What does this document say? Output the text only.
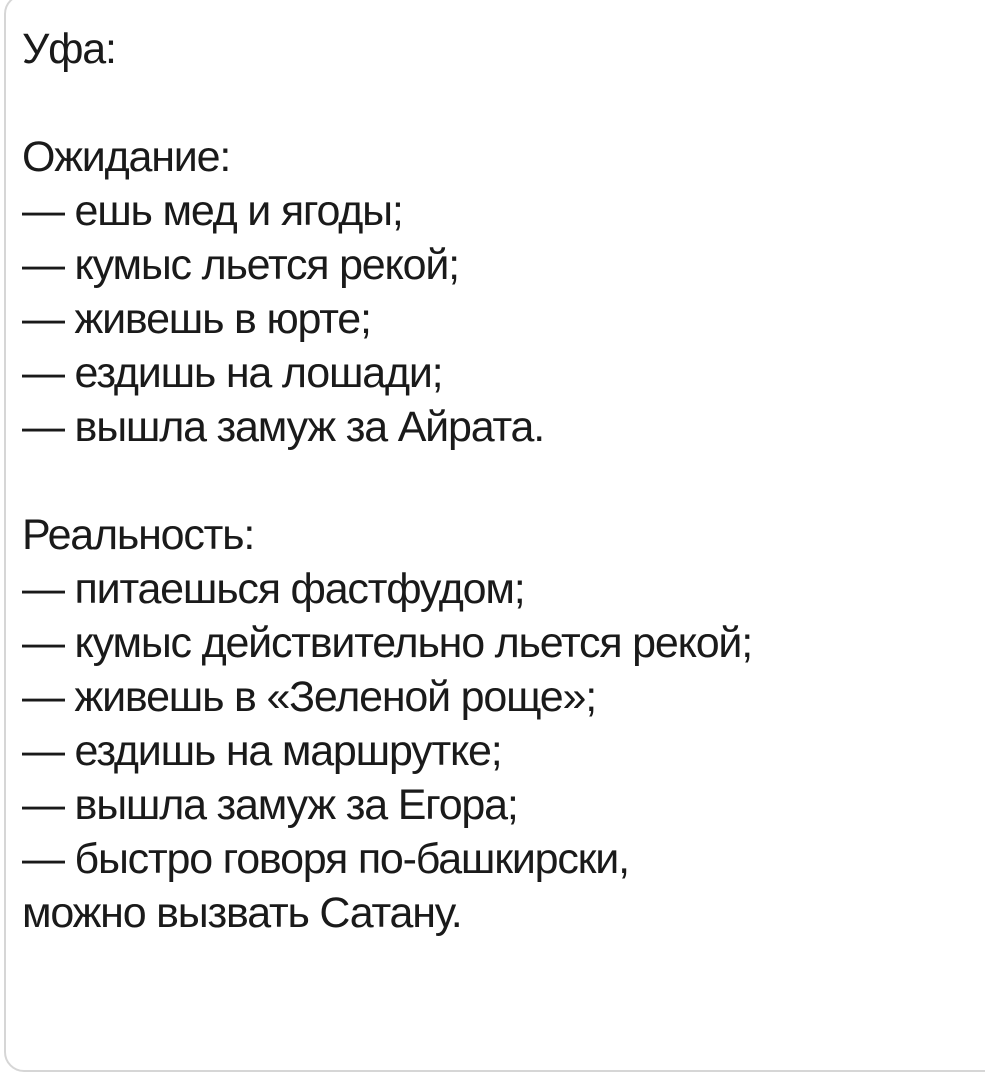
Уфа:
Ожидание:
— ешь мед и ягоды;
— кумыс льется рекой;
— живешь в юрте;
— ездишь на лошади;
— вышла замуж за Айрата.
Реальность:
— питаешься фастфудом;
— кумыс действительно льется рекой;
— живешь в «Зеленой роще»;
— ездишь на маршрутке;
— вышла замуж за Егора;
— быстро говоря по-башкирски,
можно вызвать Сатану.
